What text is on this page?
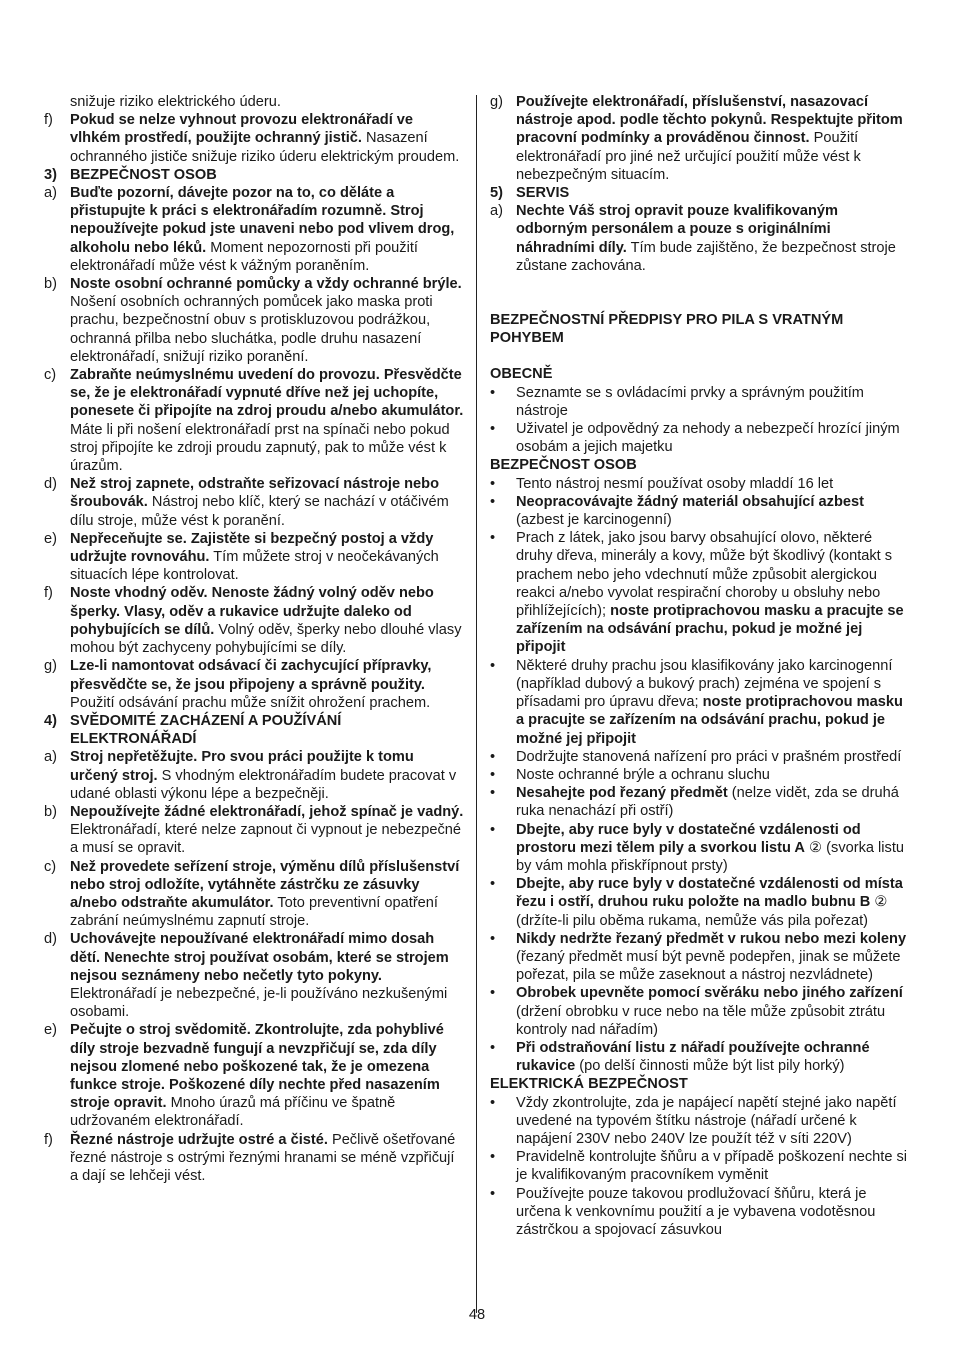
snižuje riziko elektrického úderu.
f) Pokud se nelze vyhnout provozu elektronářadí ve vlhkém prostředí, použijte ochranný jistič. Nasazení ochranného jističe snižuje riziko úderu elektrickým proudem.
3) BEZPEČNOST OSOB
a) Buďte pozorní, dávejte pozor na to, co děláte a přistupujte k práci s elektronářadím rozumně. Stroj nepoužívejte pokud jste unaveni nebo pod vlivem drog, alkoholu nebo léků. Moment nepozornosti při použití elektronářadí může vést k vážným poraněním.
b) Noste osobní ochranné pomůcky a vždy ochranné brýle. Nošení osobních ochranných pomůcek jako maska proti prachu, bezpečnostní obuv s protiskluzovou podrážkou, ochranná přilba nebo sluchátka, podle druhu nasazení elektronářadí, snižují riziko poranění.
c) Zabraňte neúmyslnému uvedení do provozu. Přesvědčte se, že je elektronářadí vypnuté dříve než jej uchopíte, ponesete či připojíte na zdroj proudu a/nebo akumulátor. Máte li při nošení elektronářadí prst na spínači nebo pokud stroj připojíte ke zdroji proudu zapnutý, pak to může vést k úrazům.
d) Než stroj zapnete, odstraňte seřizovací nástroje nebo šroubovák. Nástroj nebo klíč, který se nachází v otáčivém dílu stroje, může vést k poranění.
e) Nepřeceňujte se. Zajistěte si bezpečný postoj a vždy udržujte rovnováhu. Tím můžete stroj v neočekávaných situacích lépe kontrolovat.
f) Noste vhodný oděv. Nenoste žádný volný oděv nebo šperky. Vlasy, oděv a rukavice udržujte daleko od pohybujících se dílů. Volný oděv, šperky nebo dlouhé vlasy mohou být zachyceny pohybujícími se díly.
g) Lze-li namontovat odsávací či zachycující přípravky, přesvědčte se, že jsou připojeny a správně použity. Použití odsávání prachu může snížit ohrožení prachem.
4) SVĚDOMITÉ ZACHÁZENÍ A POUŽÍVÁNÍ ELEKTRONÁŘADÍ
a) Stroj nepřetěžujte. Pro svou práci použijte k tomu určený stroj. S vhodným elektronářadím budete pracovat v udané oblasti výkonu lépe a bezpečněji.
b) Nepoužívejte žádné elektronářadí, jehož spínač je vadný. Elektronářadí, které nelze zapnout či vypnout je nebezpečné a musí se opravit.
c) Než provedete seřízení stroje, výměnu dílů příslušenství nebo stroj odložíte, vytáhněte zástrčku ze zásuvky a/nebo odstraňte akumulátor. Toto preventivní opatření zabrání neúmyslnému zapnutí stroje.
d) Uchovávejte nepoužívané elektronářadí mimo dosah dětí. Nenechte stroj používat osobám, které se strojem nejsou seznámeny nebo nečetly tyto pokyny. Elektronářadí je nebezpečné, je-li používáno nezkušenými osobami.
e) Pečujte o stroj svědomitě. Zkontrolujte, zda pohyblivé díly stroje bezvadně fungují a nevzpřičují se, zda díly nejsou zlomené nebo poškozené tak, že je omezena funkce stroje. Poškozené díly nechte před nasazením stroje opravit. Mnoho úrazů má příčinu ve špatně udržovaném elektronářadí.
f) Řezné nástroje udržujte ostré a čisté. Pečlivě ošetřované řezné nástroje s ostrými řeznými hranami se méně vzpřičují a dají se lehčeji vést.
g) Používejte elektronářadí, příslušenství, nasazovací nástroje apod. podle těchto pokynů. Respektujte přitom pracovní podmínky a prováděnou činnost. Použití elektronářadí pro jiné než určující použití může vést k nebezpečným situacím.
5) SERVIS
a) Nechte Váš stroj opravit pouze kvalifikovaným odborným personálem a pouze s originálními náhradními díly. Tím bude zajištěno, že bezpečnost stroje zůstane zachována.
BEZPEČNOSTNÍ PŘEDPISY PRO PILA S VRATNÝM POHYBEM
OBECNĚ
• Seznamte se s ovládacími prvky a správným použitím nástroje
• Uživatel je odpovědný za nehody a nebezpečí hrozící jiným osobám a jejich majetku
BEZPEČNOST OSOB
• Tento nástroj nesmí používat osoby mladdí 16 let
• Neopracovávajte žádný materiál obsahující azbest (azbest je karcinogenní)
• Prach z látek, jako jsou barvy obsahující olovo, některé druhy dřeva, minerály a kovy, může být škodlivý (kontakt s prachem nebo jeho vdechnutí může způsobit alergickou reakci a/nebo vyvolat respirační choroby u obsluhy nebo přihlížejících); noste protiprachovou masku a pracujte se zařízením na odsávání prachu, pokud je možné jej připojit
• Některé druhy prachu jsou klasifikovány jako karcinogenní (například dubový a bukový prach) zejména ve spojení s přísadami pro úpravu dřeva; noste protiprachovou masku a pracujte se zařízením na odsávání prachu, pokud je možné jej připojit
• Dodržujte stanovená nařízení pro práci v prašném prostředí
• Noste ochranné brýle a ochranu sluchu
• Nesahejte pod řezaný předmět (nelze vidět, zda se druhá ruka nenachází při ostří)
• Dbejte, aby ruce byly v dostatečné vzdálenosti od prostoru mezi tělem pily a svorkou listu A ② (svorka listu by vám mohla přiskřípnout prsty)
• Dbejte, aby ruce byly v dostatečné vzdálenosti od místa řezu i ostří, druhou ruku položte na madlo bubnu B ② (držíte-li pilu oběma rukama, nemůže vás pila pořezat)
• Nikdy nedržte řezaný předmět v rukou nebo mezi koleny (řezaný předmět musí být pevně podepřen, jinak se můžete pořezat, pila se může zaseknout a nástroj nezvládnete)
• Obrobek upevněte pomocí svěráku nebo jiného zařízení (držení obrobku v ruce nebo na těle může způsobit ztrátu kontroly nad nářadím)
• Při odstraňování listu z nářadí používejte ochranné rukavice (po delší činnosti může být list pily horký)
ELEKTRICKÁ BEZPEČNOST
• Vždy zkontrolujte, zda je napájecí napětí stejné jako napětí uvedené na typovém štítku nástroje (nářadí určené k napájení 230V nebo 240V lze použít též v síti 220V)
• Pravidelně kontrolujte šňůru a v případě poškození nechte si je kvalifikovaným pracovníkem vyměnit
• Používejte pouze takovou prodlužovací šňůru, která je určena k venkovnímu použití a je vybavena vodotěsnou zástrčkou a spojovací zásuvkou
48
